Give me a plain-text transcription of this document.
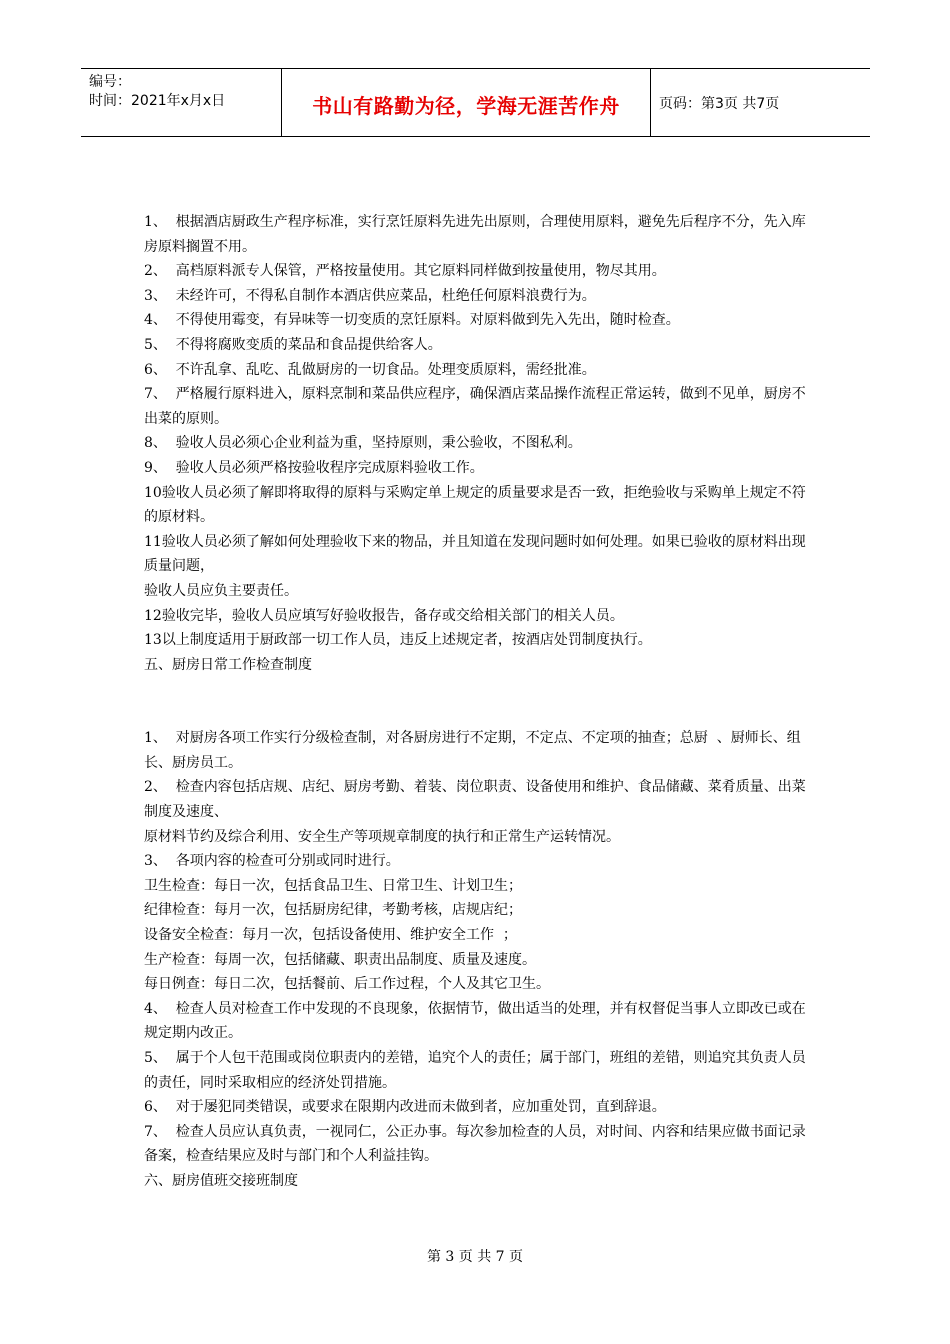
编号：
时间：2021年x月x日	书山有路勤为径，学海无涯苦作舟	页码：第3页 共7页

1、  根据酒店厨政生产程序标准，实行烹饪原料先进先出原则，合理使用原料，避免先后程序不分，先入库房原料搁置不用。

2、  高档原料派专人保管，严格按量使用。其它原料同样做到按量使用，物尽其用。

3、  未经许可，不得私自制作本酒店供应菜品，杜绝任何原料浪费行为。

4、  不得使用霉变，有异味等一切变质的烹饪原料。对原料做到先入先出，随时检查。

5、  不得将腐败变质的菜品和食品提供给客人。

6、  不许乱拿、乱吃、乱做厨房的一切食品。处理变质原料，需经批准。

7、  严格履行原料进入，原料烹制和菜品供应程序，确保酒店菜品操作流程正常运转，做到不见单，厨房不出菜的原则。

8、  验收人员必须心企业利益为重，坚持原则，秉公验收，不图私利。

9、  验收人员必须严格按验收程序完成原料验收工作。

10验收人员必须了解即将取得的原料与采购定单上规定的质量要求是否一致，拒绝验收与采购单上规定不符的原材料。

11验收人员必须了解如何处理验收下来的物品，并且知道在发现问题时如何处理。如果已验收的原材料出现质量问题，

验收人员应负主要责任。

12验收完毕，验收人员应填写好验收报告，备存或交给相关部门的相关人员。

13以上制度适用于厨政部一切工作人员，违反上述规定者，按酒店处罚制度执行。

五、厨房日常工作检查制度

1、  对厨房各项工作实行分级检查制，对各厨房进行不定期，不定点、不定项的抽查；总厨  、厨师长、组长、厨房员工。

2、  检查内容包括店规、店纪、厨房考勤、着装、岗位职责、设备使用和维护、食品储藏、菜肴质量、出菜制度及速度、

原材料节约及综合利用、安全生产等项规章制度的执行和正常生产运转情况。

3、  各项内容的检查可分别或同时进行。

卫生检查：每日一次，包括食品卫生、日常卫生、计划卫生；

纪律检查：每月一次，包括厨房纪律，考勤考核，店规店纪；

设备安全检查：每月一次，包括设备使用、维护安全工作  ；

生产检查：每周一次，包括储藏、职责出品制度、质量及速度。

每日例查：每日二次，包括餐前、后工作过程，个人及其它卫生。

4、  检查人员对检查工作中发现的不良现象，依据情节，做出适当的处理，并有权督促当事人立即改已或在规定期内改正。

5、  属于个人包干范围或岗位职责内的差错，追究个人的责任；属于部门，班组的差错，则追究其负责人员的责任，同时采取相应的经济处罚措施。

6、  对于屡犯同类错误，或要求在限期内改进而未做到者，应加重处罚，直到辞退。

7、  检查人员应认真负责，一视同仁，公正办事。每次参加检查的人员，对时间、内容和结果应做书面记录备案，检查结果应及时与部门和个人利益挂钩。

六、厨房值班交接班制度

第 3 页 共 7 页
